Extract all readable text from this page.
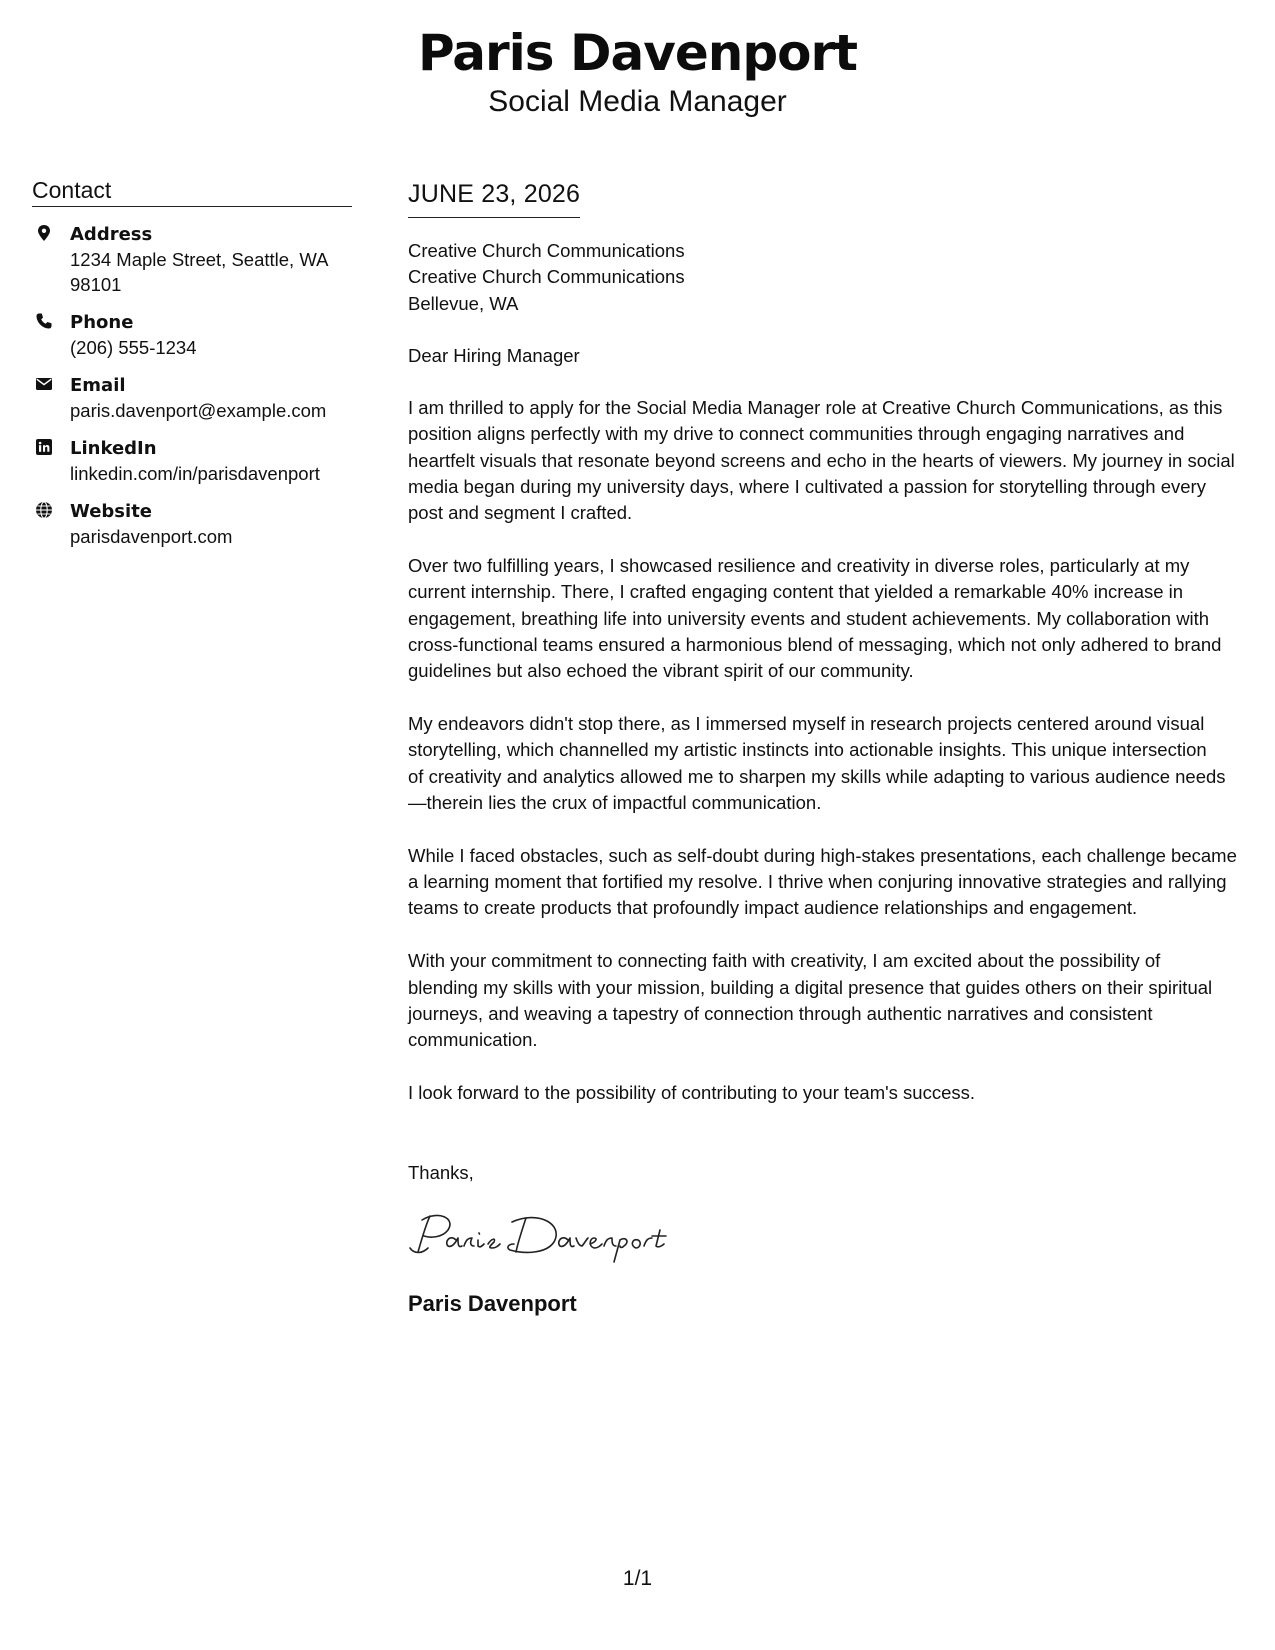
Paris Davenport
Social Media Manager
Contact
Address
1234 Maple Street, Seattle, WA
98101
Phone
(206) 555-1234
Email
paris.davenport@example.com
LinkedIn
linkedin.com/in/parisdavenport
Website
parisdavenport.com
JUNE 23, 2026
Creative Church Communications
Creative Church Communications
Bellevue, WA
Dear Hiring Manager
I am thrilled to apply for the Social Media Manager role at Creative Church Communications, as this
position aligns perfectly with my drive to connect communities through engaging narratives and
heartfelt visuals that resonate beyond screens and echo in the hearts of viewers. My journey in social
media began during my university days, where I cultivated a passion for storytelling through every
post and segment I crafted.
Over two fulfilling years, I showcased resilience and creativity in diverse roles, particularly at my
current internship. There, I crafted engaging content that yielded a remarkable 40% increase in
engagement, breathing life into university events and student achievements. My collaboration with
cross-functional teams ensured a harmonious blend of messaging, which not only adhered to brand
guidelines but also echoed the vibrant spirit of our community.
My endeavors didn't stop there, as I immersed myself in research projects centered around visual
storytelling, which channelled my artistic instincts into actionable insights. This unique intersection
of creativity and analytics allowed me to sharpen my skills while adapting to various audience needs
—therein lies the crux of impactful communication.
While I faced obstacles, such as self-doubt during high-stakes presentations, each challenge became
a learning moment that fortified my resolve. I thrive when conjuring innovative strategies and rallying
teams to create products that profoundly impact audience relationships and engagement.
With your commitment to connecting faith with creativity, I am excited about the possibility of
blending my skills with your mission, building a digital presence that guides others on their spiritual
journeys, and weaving a tapestry of connection through authentic narratives and consistent
communication.
I look forward to the possibility of contributing to your team's success.
Thanks,
Paris Davenport
1/1
